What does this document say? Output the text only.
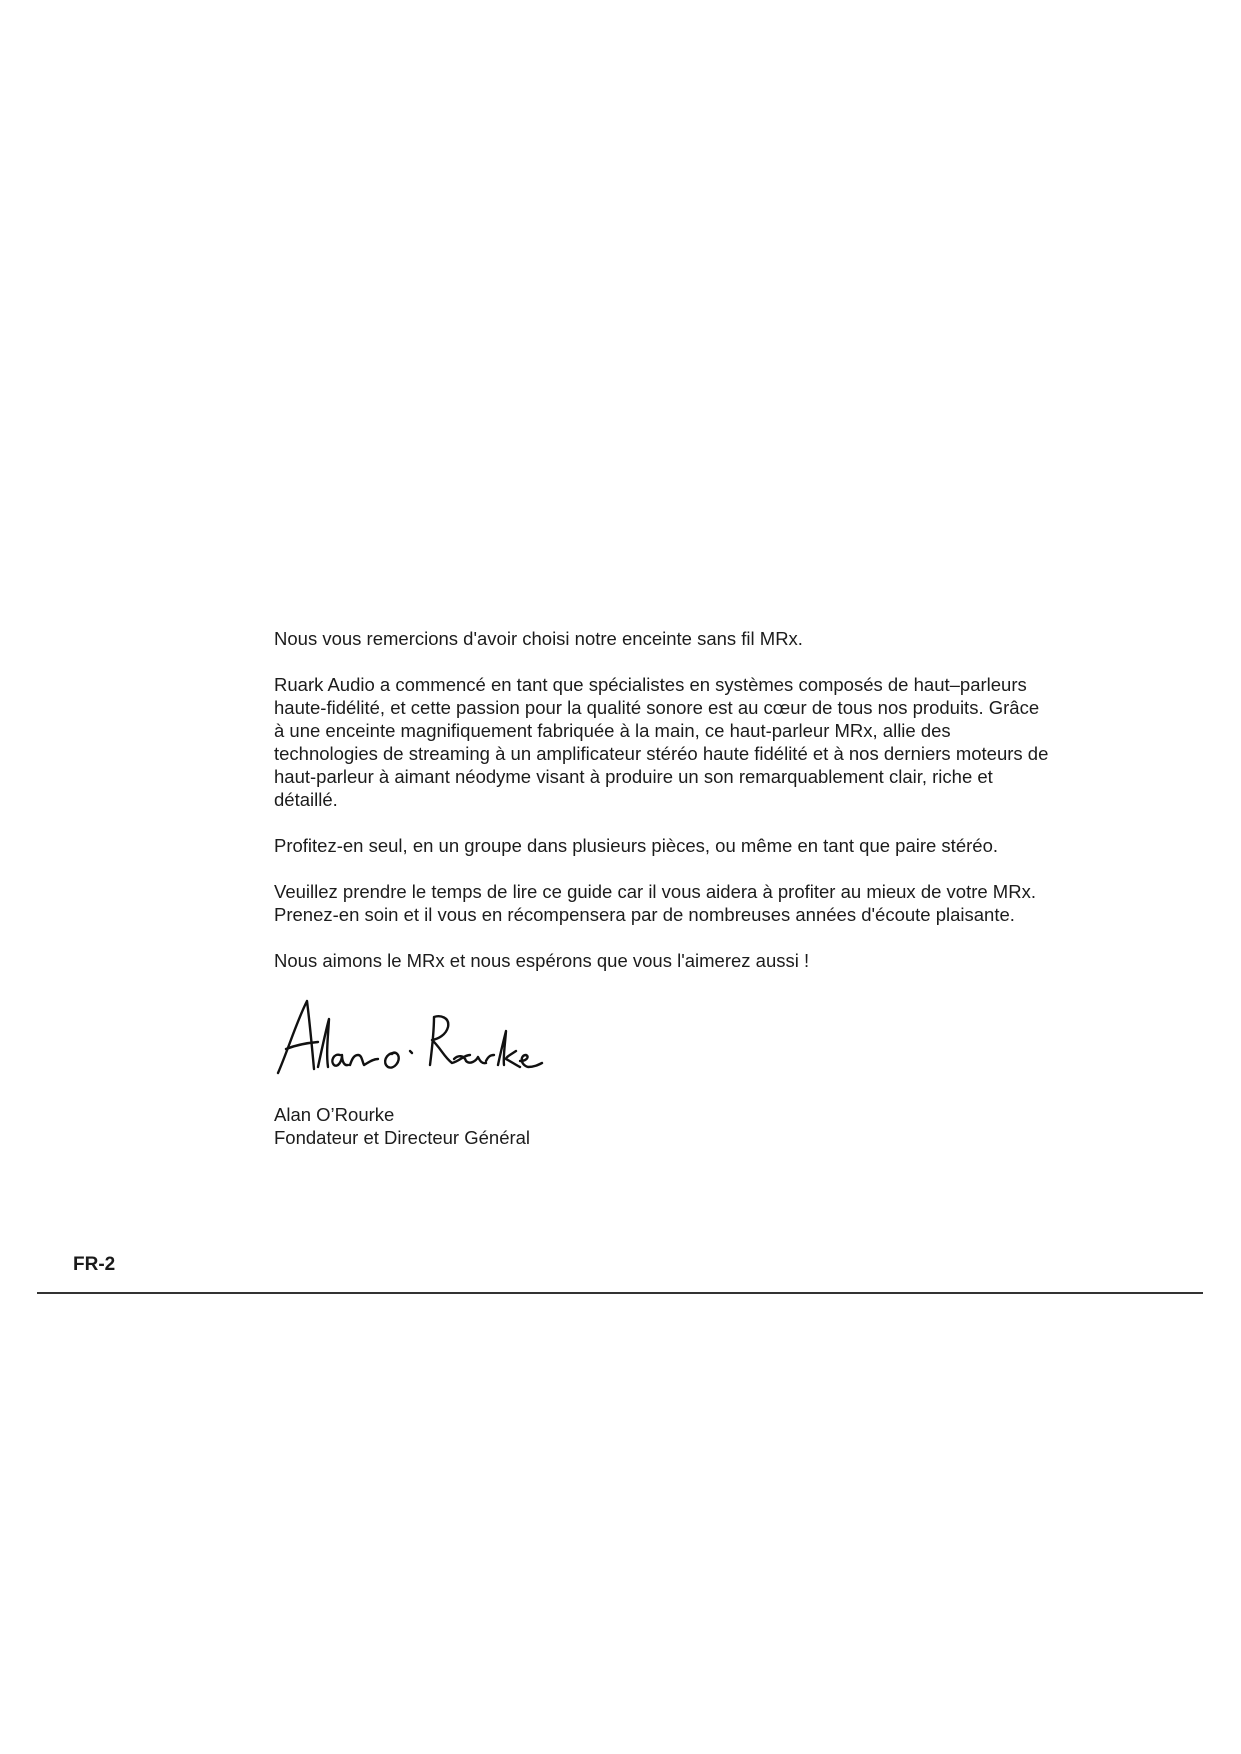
Nous vous remercions d'avoir choisi notre enceinte sans fil MRx.

Ruark Audio a commencé en tant que spécialistes en systèmes composés de haut–parleurs haute-fidélité, et cette passion pour la qualité sonore est au cœur de tous nos produits. Grâce à une enceinte magnifiquement fabriquée à la main, ce haut-parleur MRx, allie des technologies de streaming à un amplificateur stéréo haute fidélité et à nos derniers moteurs de haut-parleur à aimant néodyme visant à produire un son remarquablement clair, riche et détaillé.

Profitez-en seul, en un groupe dans plusieurs pièces, ou même en tant que paire stéréo.

Veuillez prendre le temps de lire ce guide car il vous aidera à profiter au mieux de votre MRx. Prenez-en soin et il vous en récompensera par de nombreuses années d'écoute plaisante.

Nous aimons le MRx et nous espérons que vous l'aimerez aussi !

Alan O’Rourke
Fondateur et Directeur Général
FR-2
